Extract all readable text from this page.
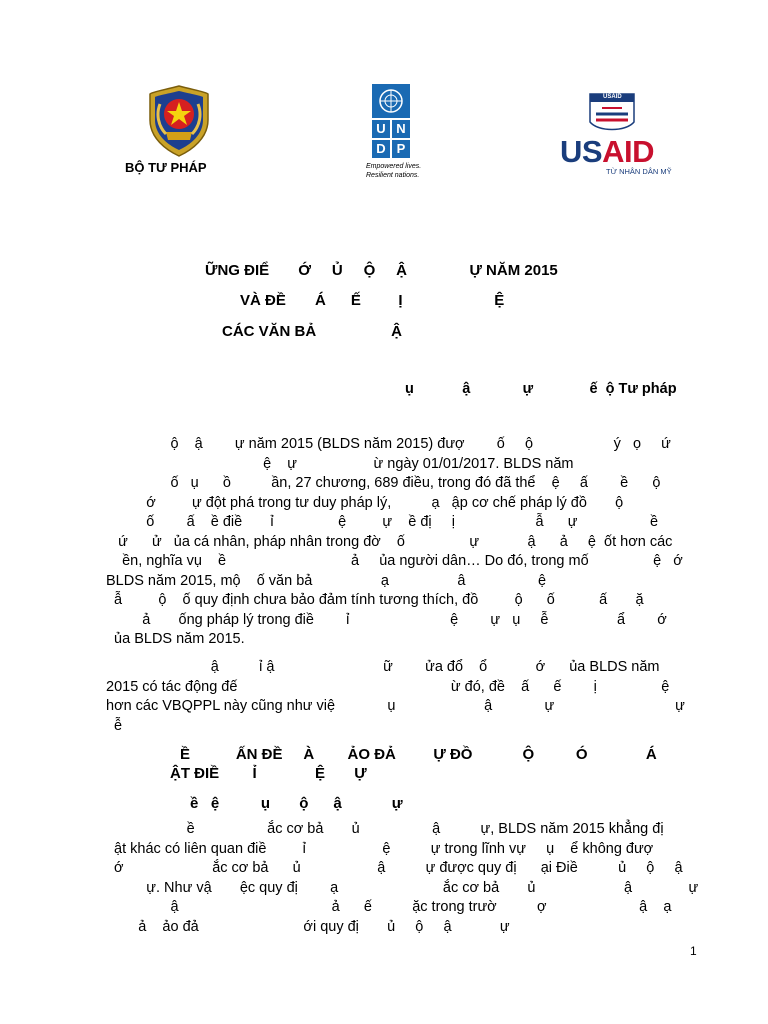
BỘ TƯ PHÁP
U N
D P
Empowered lives.
Resilient nations.
USAID
USAID
TỪ NHÂN DÂN MỸ
ỮNG ĐIỂ       Ớ     Ủ     Ộ     Ậ               Ự NĂM 2015
VÀ ĐỀ       Á      Ế         Ị                      Ệ
CÁC VĂN BẢ                  Ậ
ụ            ậ             ự              ế  ộ Tư pháp
ộ    ậ        ự năm 2015 (BLDS năm 2015) đượ        ố     ộ                    ý   ọ     ứ
ệ    ự                   ừ ngày 01/01/2017. BLDS năm
ố   ụ      ồ          ần, 27 chương, 689 điều, trong đó đã thể    ệ     ấ        ề      ộ
ớ         ự đột phá trong tư duy pháp lý,          ạ   ập cơ chế pháp lý đồ       ộ
ố        ấ    ề điề       ỉ                ệ         ự    ề đị     ị                    ẫ      ự                  ề
ứ      ử   ủa cá nhân, pháp nhân trong đờ    ố                ự            ậ      ả     ệ  ốt hơn các
ền, nghĩa vụ    ề                               ả     ủa người dân… Do đó, trong mố                ệ   ớ
BLDS năm 2015, mộ    ố văn bả                 ạ                 â                  ệ
ẫ         ộ    ố quy định chưa bảo đảm tính tương thích, đồ         ộ      ố           ấ       ặ
ả       ống pháp lý trong điề        ỉ                         ệ        ự   ụ     ễ                 ẩ        ớ
ủa BLDS năm 2015.
ậ          ỉ ậ                           ữ        ửa đổ    ổ            ớ      ủa BLDS năm
2015 có tác động đế                                                     ừ đó, đề    ấ      ế        ị                ệ
hơn các VBQPPL này cũng như việ             ụ                      ậ             ự                              ự
ễ
Ề           ẤN ĐỀ     À        ẢO ĐẢ         Ự ĐỒ            Ộ          Ó              Á
ẬT ĐIỀ        Ỉ              Ệ       Ự
ề   ệ          ụ       ộ      ậ            ự
ề                  ắc cơ bả       ủ                  ậ          ự, BLDS năm 2015 khẳng đị
ật khác có liên quan điề         ỉ                   ệ          ự trong lĩnh vự     ụ    ể không đượ
ớ                      ắc cơ bả      ủ                   ậ          ự được quy đị      ại Điề          ủ     ộ     ậ
ự. Như vậ       ệc quy đị        ạ                          ắc cơ bả       ủ                      ậ              ự
ậ                                      ả      ế          ặc trong trườ          ợ                       ậ    ạ
ả    ảo đả                          ới quy đị       ủ     ộ     ậ            ự
1
